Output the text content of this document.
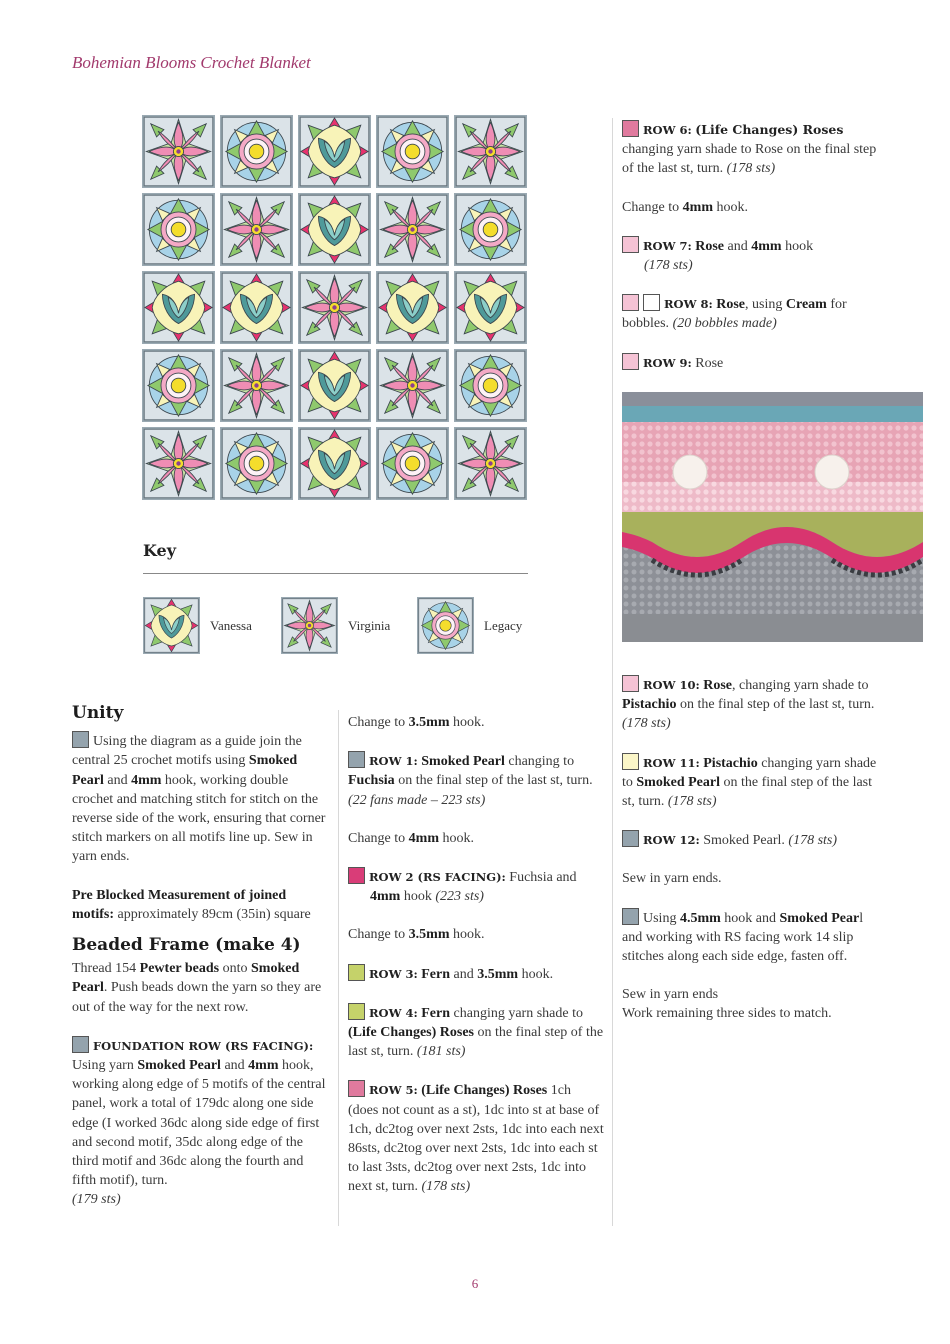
Bohemian Blooms Crochet Blanket
Key
Vanessa	Virginia	Legacy
Unity

Using the diagram as a guide join the central 25 crochet motifs using Smoked Pearl and 4mm hook, working double crochet and matching stitch for stitch on the reverse side of the work, ensuring that corner stitch markers on all motifs line up. Sew in yarn ends.

Pre Blocked Measurement of joined motifs: approximately 89cm (35in) square

Beaded Frame (make 4)

Thread 154 Pewter beads onto Smoked Pearl. Push beads down the yarn so they are out of the way for the next row.

FOUNDATION ROW (RS FACING):
Using yarn Smoked Pearl and 4mm hook, working along edge of 5 motifs of the central panel, work a total of 179dc along one side edge (I worked 36dc along side edge of first and second motif, 35dc along edge of the third motif and 36dc along the fourth and fifth motif), turn.
(179 sts)

Change to 3.5mm hook.

ROW 1: Smoked Pearl changing to Fuchsia on the final step of the last st, turn. (22 fans made – 223 sts)

Change to 4mm hook.

ROW 2 (RS FACING): Fuchsia and
4mm hook (223 sts)

Change to 3.5mm hook.

ROW 3: Fern and 3.5mm hook.

ROW 4: Fern changing yarn shade to (Life Changes) Roses on the final step of the last st, turn. (181 sts)

ROW 5: (Life Changes) Roses 1ch (does not count as a st), 1dc into st at base of 1ch, dc2tog over next 2sts, 1dc into each next 86sts, dc2tog over next 2sts, 1dc into each st to last 3sts, dc2tog over next 2sts, 1dc into next st, turn. (178 sts)

ROW 6: (Life Changes) Roses
changing yarn shade to Rose on the final step of the last st, turn. (178 sts)

Change to 4mm hook.

ROW 7: Rose and 4mm hook
(178 sts)

ROW 8: Rose, using Cream for bobbles. (20 bobbles made)

ROW 9: Rose

ROW 10: Rose, changing yarn shade to Pistachio on the final step of the last st, turn. (178 sts)

ROW 11: Pistachio changing yarn shade to Smoked Pearl on the final step of the last st, turn. (178 sts)

ROW 12: Smoked Pearl. (178 sts)

Sew in yarn ends.

Using 4.5mm hook and Smoked Pearl and working with RS facing work 14 slip stitches along each side edge, fasten off.

Sew in yarn ends
Work remaining three sides to match.

6
